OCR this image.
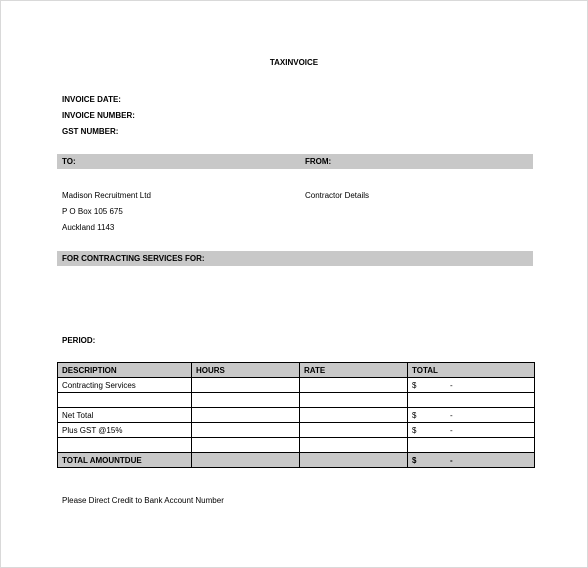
TAXINVOICE
INVOICE DATE:
INVOICE NUMBER:
GST NUMBER:
TO:	FROM:
Madison Recruitment Ltd
P O Box 105 675
Auckland 1143
Contractor Details
FOR CONTRACTING SERVICES FOR:
PERIOD:
DESCRIPTION	HOURS	RATE	TOTAL
Contracting Services			$ -

Net Total			$ -
Plus GST @15%			$ -

TOTAL AMOUNTDUE			$ -
Please Direct Credit to Bank Account Number
